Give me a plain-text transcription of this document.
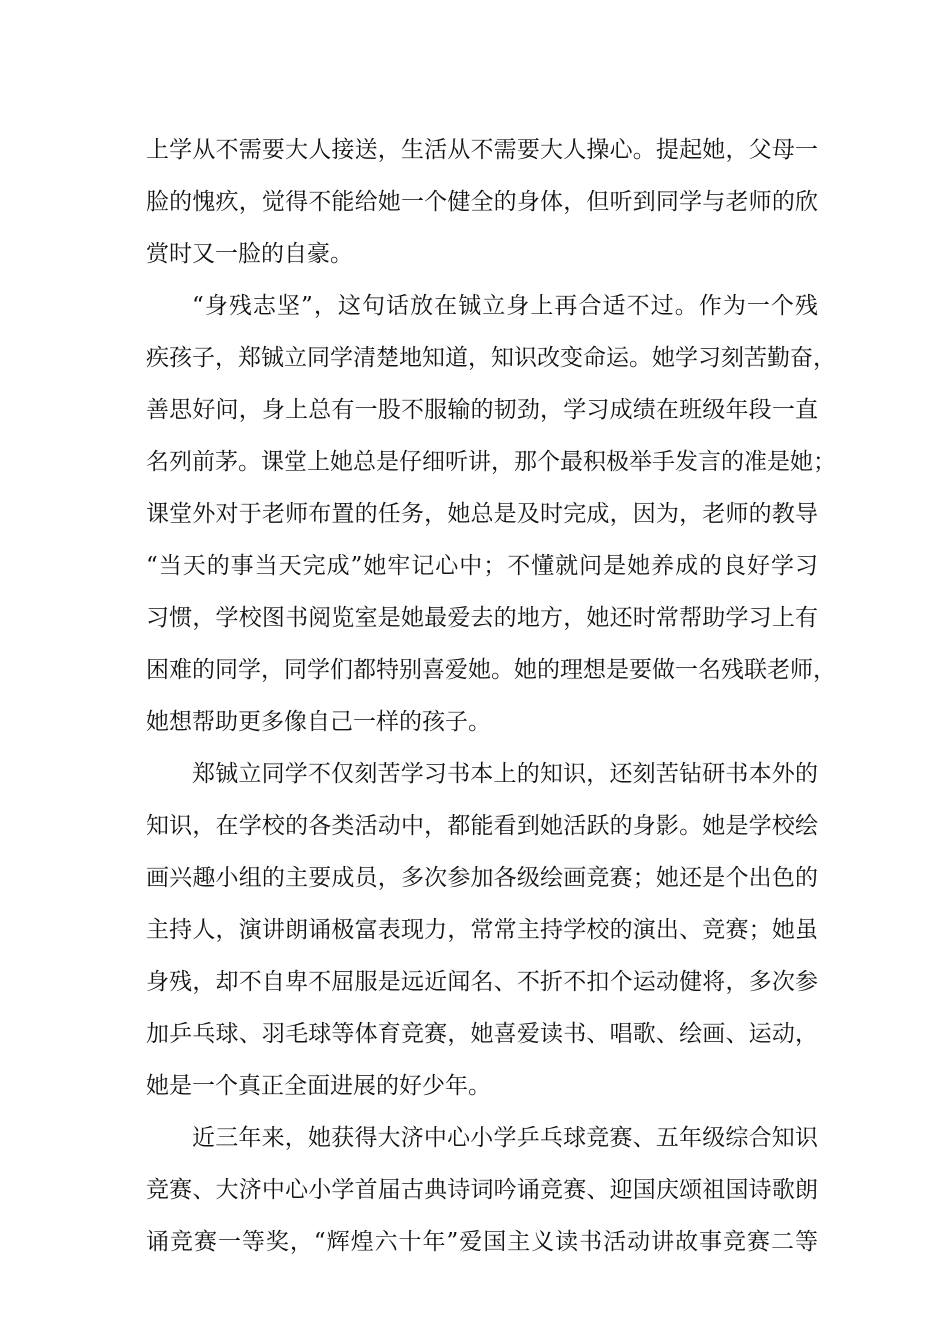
上学从不需要大人接送，生活从不需要大人操心。提起她，父母一
脸的愧疚，觉得不能给她一个健全的身体，但听到同学与老师的欣
赏时又一脸的自豪。
“身残志坚”，这句话放在铖立身上再合适不过。作为一个残
疾孩子，郑铖立同学清楚地知道，知识改变命运。她学习刻苦勤奋，
善思好问，身上总有一股不服输的韧劲，学习成绩在班级年段一直
名列前茅。课堂上她总是仔细听讲，那个最积极举手发言的准是她；
课堂外对于老师布置的任务，她总是及时完成，因为，老师的教导
“当天的事当天完成”她牢记心中；不懂就问是她养成的良好学习
习惯，学校图书阅览室是她最爱去的地方，她还时常帮助学习上有
困难的同学，同学们都特别喜爱她。她的理想是要做一名残联老师，
她想帮助更多像自己一样的孩子。
郑铖立同学不仅刻苦学习书本上的知识，还刻苦钻研书本外的
知识，在学校的各类活动中，都能看到她活跃的身影。她是学校绘
画兴趣小组的主要成员，多次参加各级绘画竞赛；她还是个出色的
主持人，演讲朗诵极富表现力，常常主持学校的演出、竞赛；她虽
身残，却不自卑不屈服是远近闻名、不折不扣个运动健将，多次参
加乒乓球、羽毛球等体育竞赛，她喜爱读书、唱歌、绘画、运动，
她是一个真正全面进展的好少年。
近三年来，她获得大济中心小学乒乓球竞赛、五年级综合知识
竞赛、大济中心小学首届古典诗词吟诵竞赛、迎国庆颂祖国诗歌朗
诵竞赛一等奖，“辉煌六十年”爱国主义读书活动讲故事竞赛二等
